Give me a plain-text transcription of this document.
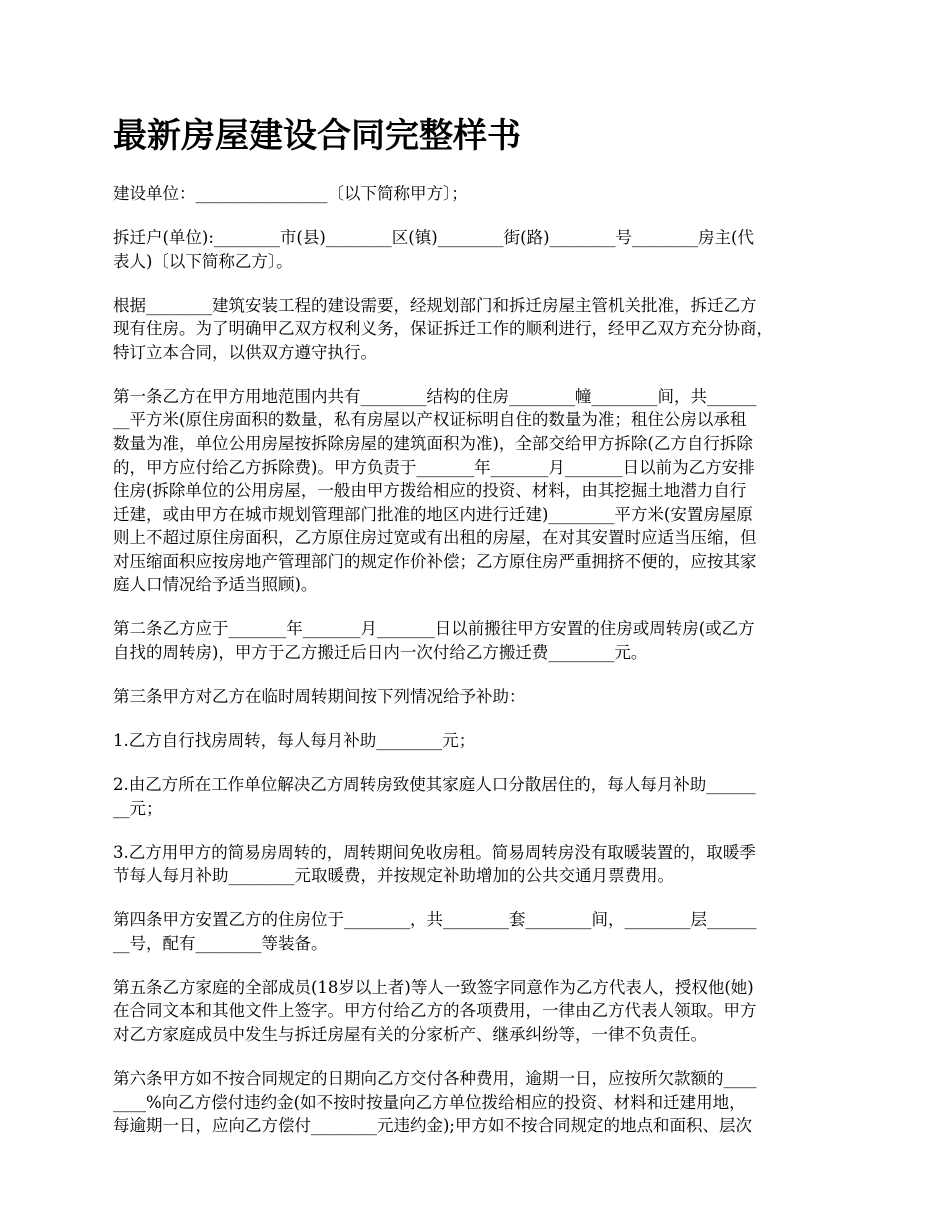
最新房屋建设合同完整样书

建设单位：________________〔以下简称甲方〕；

拆迁户(单位):________市(县)________区(镇)________街(路)________号________房主(代
表人)〔以下简称乙方〕。

根据________建筑安装工程的建设需要，经规划部门和拆迁房屋主管机关批准，拆迁乙方
现有住房。为了明确甲乙双方权利义务，保证拆迁工作的顺利进行，经甲乙双方充分协商，
特订立本合同，以供双方遵守执行。

第一条乙方在甲方用地范围内共有________结构的住房________幢________间，共______
__平方米(原住房面积的数量，私有房屋以产权证标明自住的数量为准；租住公房以承租
数量为准，单位公用房屋按拆除房屋的建筑面积为准)，全部交给甲方拆除(乙方自行拆除
的，甲方应付给乙方拆除费)。甲方负责于_______年_______月_______日以前为乙方安排
住房(拆除单位的公用房屋，一般由甲方拨给相应的投资、材料，由其挖掘土地潜力自行
迁建，或由甲方在城市规划管理部门批准的地区内进行迁建)________平方米(安置房屋原
则上不超过原住房面积，乙方原住房过宽或有出租的房屋，在对其安置时应适当压缩，但
对压缩面积应按房地产管理部门的规定作价补偿；乙方原住房严重拥挤不便的，应按其家
庭人口情况给予适当照顾)。

第二条乙方应于_______年_______月_______日以前搬往甲方安置的住房或周转房(或乙方
自找的周转房)，甲方于乙方搬迁后日内一次付给乙方搬迁费________元。

第三条甲方对乙方在临时周转期间按下列情况给予补助：

1.乙方自行找房周转，每人每月补助________元；

2.由乙方所在工作单位解决乙方周转房致使其家庭人口分散居住的，每人每月补助______
__元；

3.乙方用甲方的简易房周转的，周转期间免收房租。简易周转房没有取暖装置的，取暖季
节每人每月补助________元取暖费，并按规定补助增加的公共交通月票费用。

第四条甲方安置乙方的住房位于________，共________套________间，________层______
__号，配有________等装备。

第五条乙方家庭的全部成员(18岁以上者)等人一致签字同意作为乙方代表人，授权他(她)
在合同文本和其他文件上签字。甲方付给乙方的各项费用，一律由乙方代表人领取。甲方
对乙方家庭成员中发生与拆迁房屋有关的分家析产、继承纠纷等，一律不负责任。

第六条甲方如不按合同规定的日期向乙方交付各种费用，逾期一日，应按所欠款额的____
____%向乙方偿付违约金(如不按时按量向乙方单位拨给相应的投资、材料和迁建用地，
每逾期一日，应向乙方偿付________元违约金);甲方如不按合同规定的地点和面积、层次
